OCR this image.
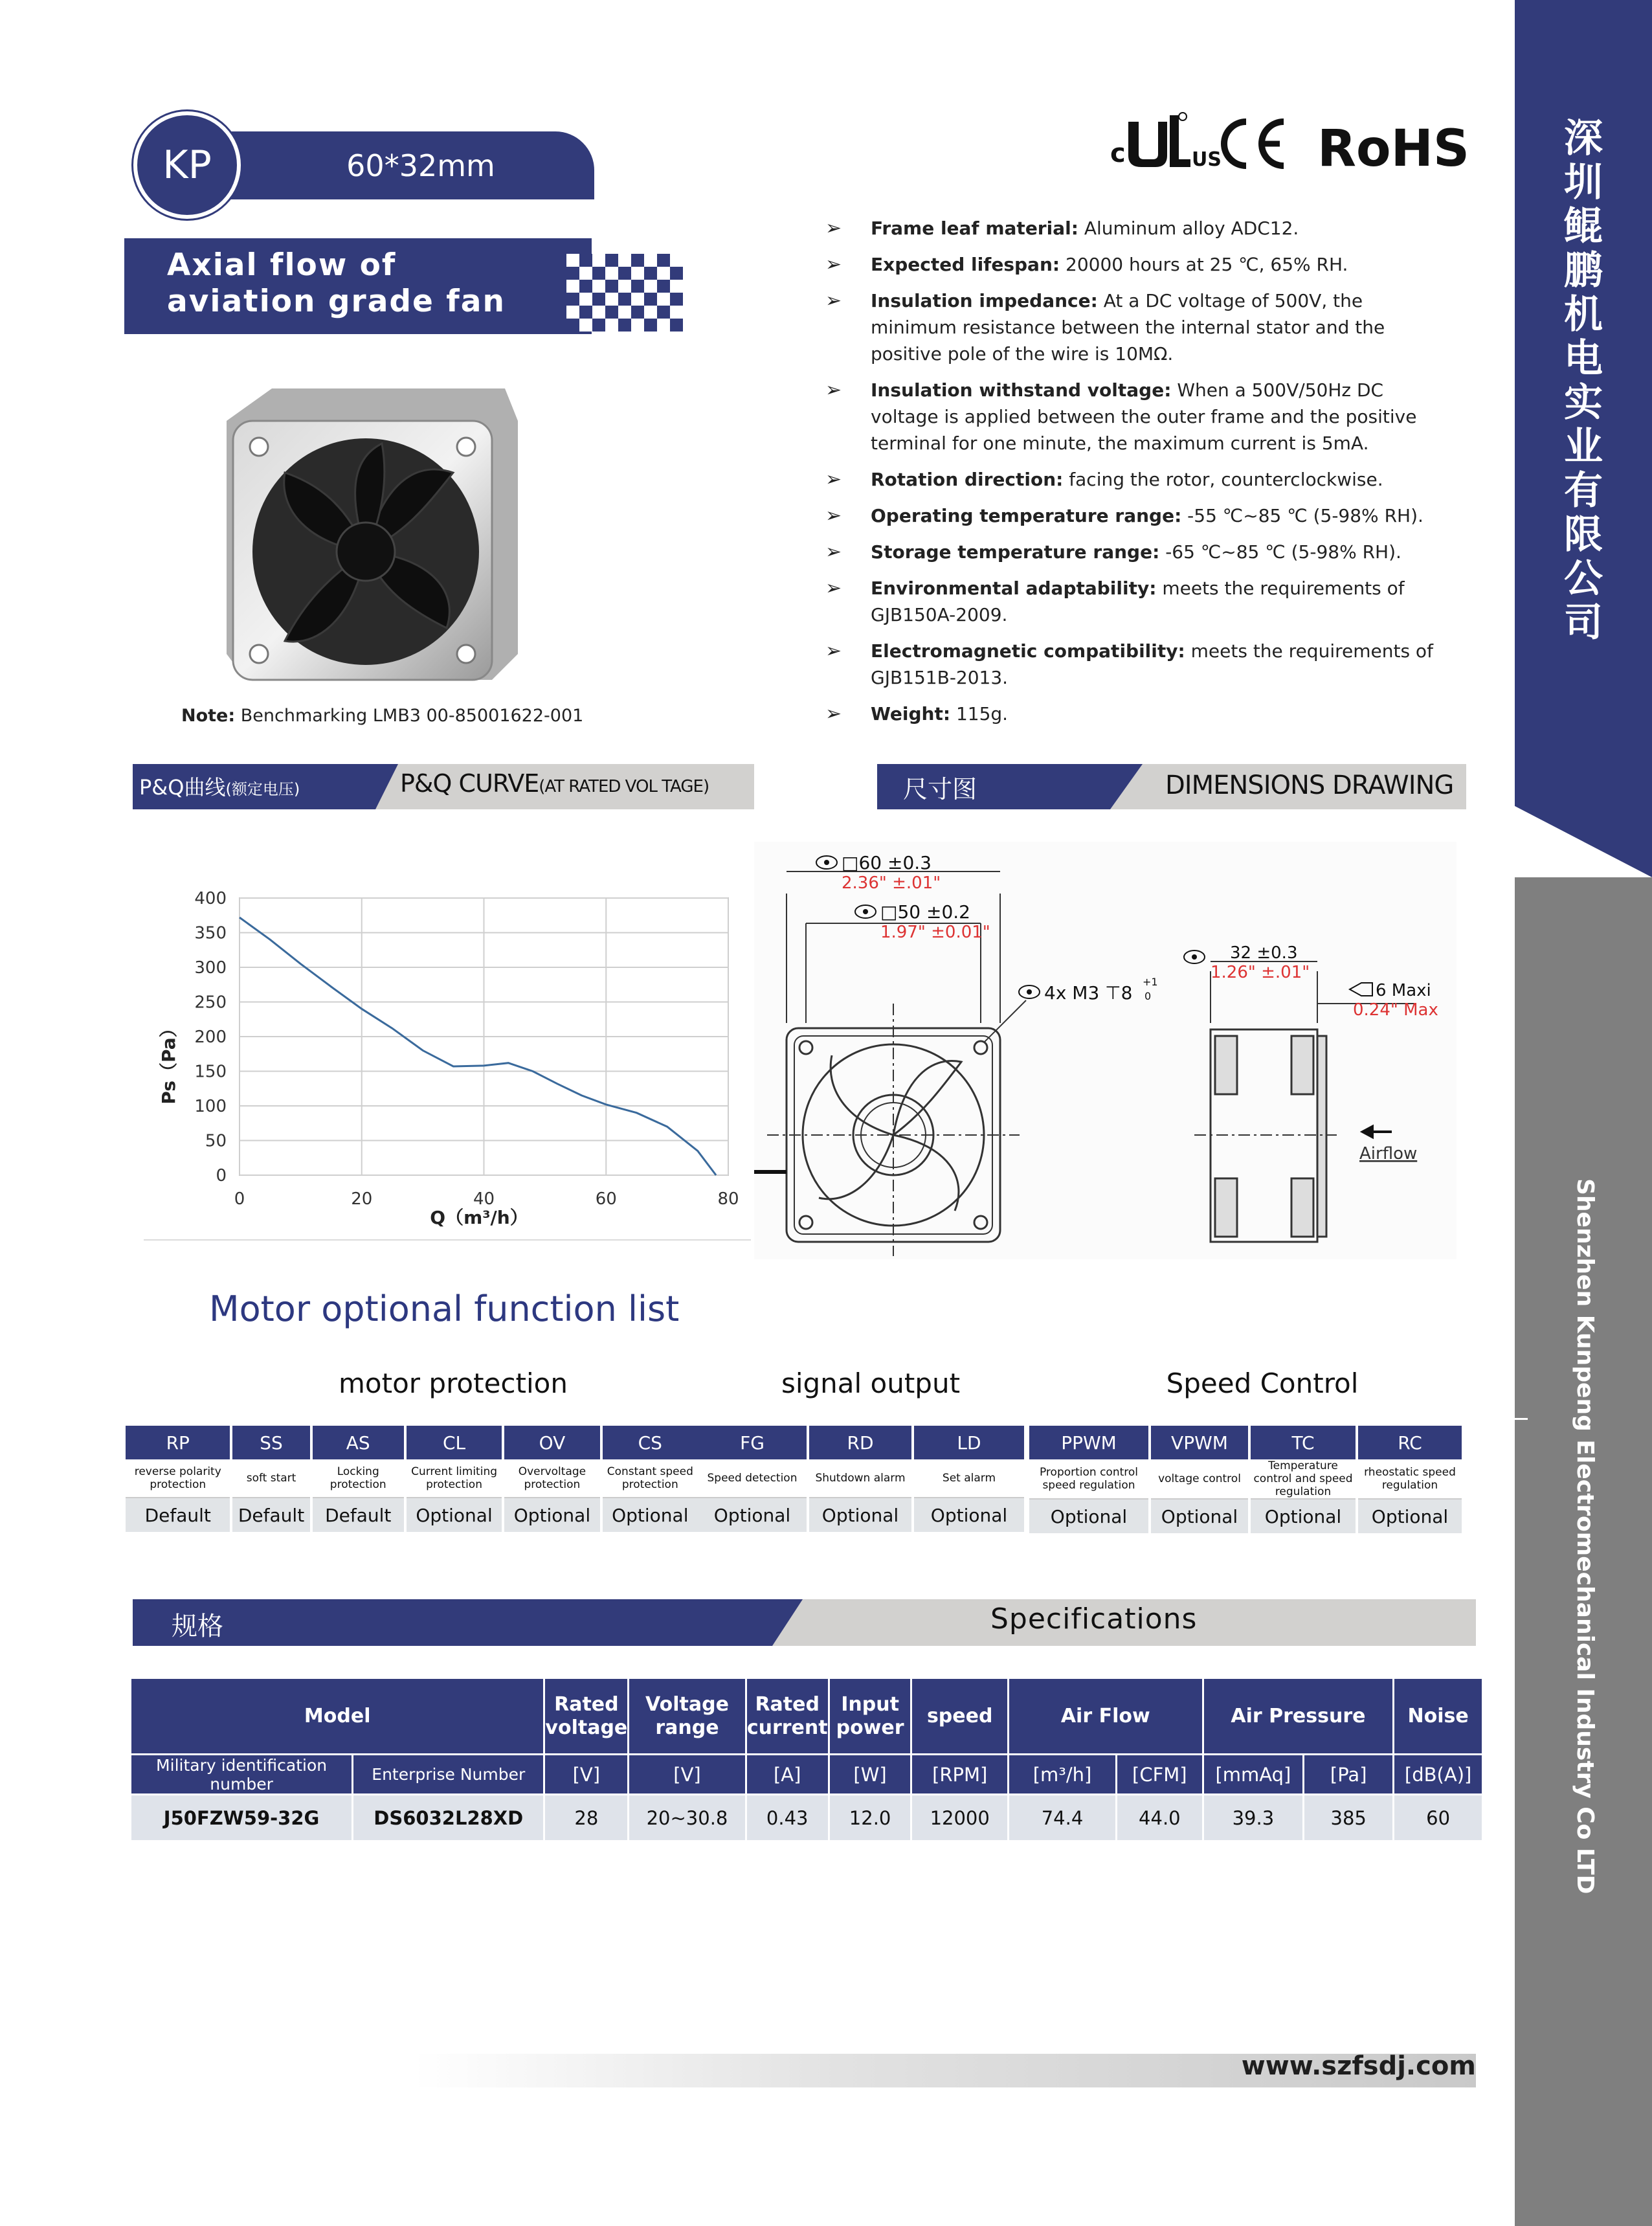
深
圳
鲲
鹏
机
电
实
业
有
限
公
司
Shenzhen Kunpeng Electromechanical Industry Co LTD
KP	60*32mm
Axial flow of
aviation grade fan
Note: Benchmarking LMB3 00-85001622-001
c	US RoHS
➢ Frame leaf material: Aluminum alloy ADC12.
➢ Expected lifespan: 20000 hours at 25 ℃, 65% RH.
➢ Insulation impedance: At a DC voltage of 500V, the minimum resistance between the internal stator and the positive pole of the wire is 10MΩ.
➢ Insulation withstand voltage: When a 500V/50Hz DC voltage is applied between the outer frame and the positive terminal for one minute, the maximum current is 5mA.
➢ Rotation direction: facing the rotor, counterclockwise.
➢ Operating temperature range: -55 ℃~85 ℃ (5-98% RH).
➢ Storage temperature range: -65 ℃~85 ℃ (5-98% RH).
➢ Environmental adaptability: meets the requirements of GJB150A-2009.
➢ Electromagnetic compatibility: meets the requirements of GJB151B-2013.
➢ Weight: 115g.
P&Q曲线(额定电压)	P&Q CURVE(AT RATED VOL TAGE)	尺寸图	DIMENSIONS DRAWING
0
50
100
150
200
250
300
350
400
0	20	40	60	80
Q（m³/h）
Ps（Pa）
□60 ±0.3
2.36" ±.01"
□50 ±0.2
1.97" ±0.01"
4x M3 ⊤8
+1
0
32 ±0.3
1.26" ±.01"
6 Maxi
0.24" Max
Airflow
Motor optional function list
motor protection	signal output	Speed Control
RP	SS	AS	CL	OV	CS
reverse polarity protection	soft start	Locking protection	Current limiting protection	Overvoltage protection	Constant speed protection
Default	Default	Default	Optional	Optional	Optional
FG	RD	LD
Speed detection	Shutdown alarm	Set alarm
Optional	Optional	Optional
PPWM	VPWM	TC	RC
Proportion control speed regulation	voltage control	Temperature control and speed regulation	rheostatic speed regulation
Optional	Optional	Optional	Optional
规格	Specifications
Model		Rated voltage	Voltage range	Rated current	Input power	speed	Air Flow		Air Pressure		Noise
Military identification number	Enterprise Number	[V]	[V]	[A]	[W]	[RPM]	[m³/h]	[CFM]	[mmAq]	[Pa]	[dB(A)]
J50FZW59-32G	DS6032L28XD	28	20~30.8	0.43	12.0	12000	74.4	44.0	39.3	385	60
www.szfsdj.com
